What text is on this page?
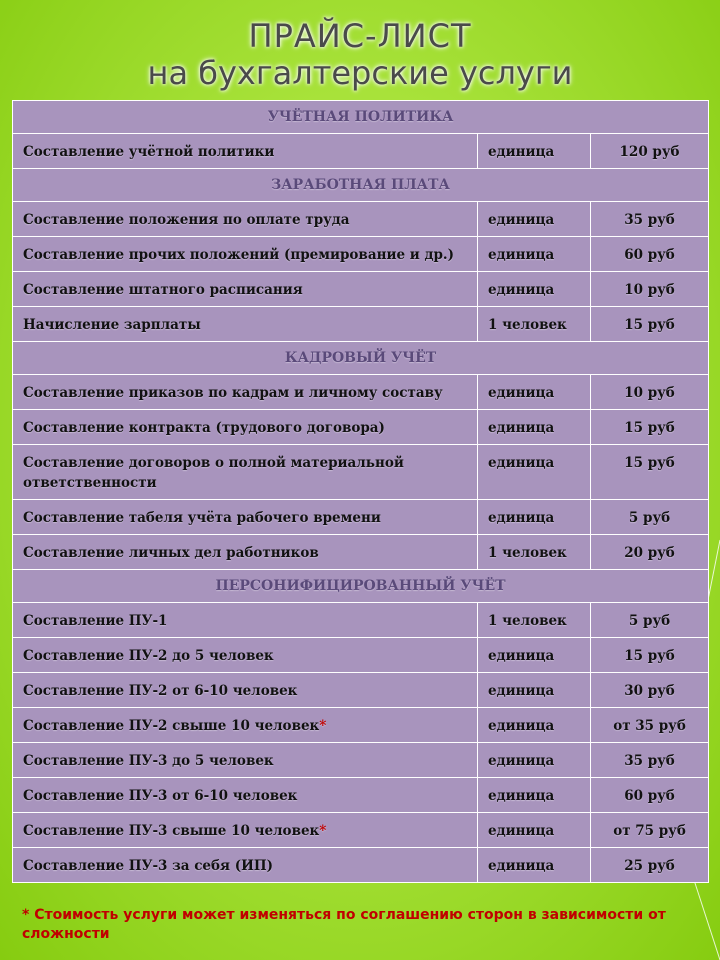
ПРАЙС-ЛИСТ
на бухгалтерские услуги
УЧЁТНАЯ ПОЛИТИКА		
Составление учётной политики	единица	120 руб
ЗАРАБОТНАЯ ПЛАТА		
Составление положения по оплате труда	единица	35 руб
Составление прочих положений (премирование и др.)	единица	60 руб
Составление штатного расписания	единица	10 руб
Начисление зарплаты	1 человек	15 руб
КАДРОВЫЙ УЧЁТ		
Составление приказов по кадрам и личному составу	единица	10 руб
Составление контракта (трудового договора)	единица	15 руб
Составление договоров о полной материальной ответственности	единица	15 руб
Составление табеля учёта рабочего времени	единица	5 руб
Составление личных дел работников	1 человек	20 руб
ПЕРСОНИФИЦИРОВАННЫЙ УЧЁТ		
Составление ПУ-1	1 человек	5 руб
Составление ПУ-2 до 5 человек	единица	15 руб
Составление ПУ-2 от 6-10 человек	единица	30 руб
Составление ПУ-2 свыше 10 человек*	единица	от 35 руб
Составление ПУ-3 до 5 человек	единица	35 руб
Составление ПУ-3 от 6-10 человек	единица	60 руб
Составление ПУ-3 свыше 10 человек*	единица	от 75 руб
Составление ПУ-3 за себя (ИП)	единица	25 руб
* Стоимость услуги может изменяться по соглашению сторон в зависимости от сложности
